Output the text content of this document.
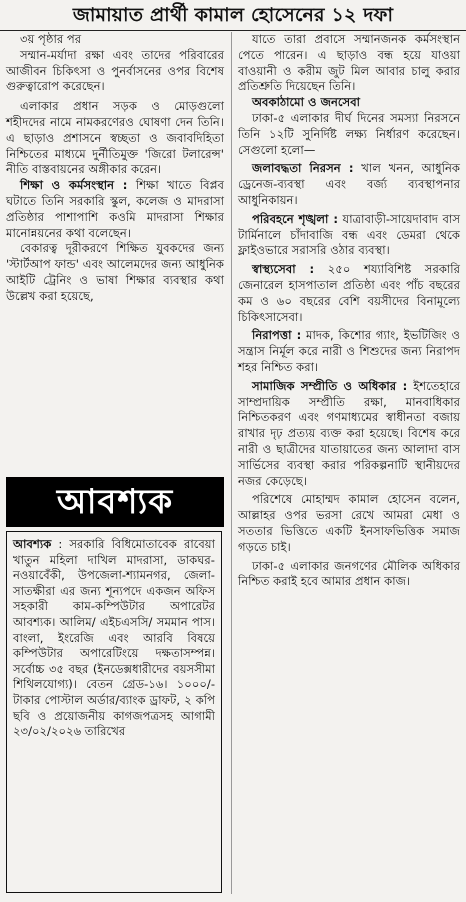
জামায়াত প্রার্থী কামাল হোসেনের ১২ দফা

৩য় পৃষ্ঠার পর

সম্মান-মর্যাদা রক্ষা এবং তাদের পরিবারের আজীবন চিকিৎসা ও পুনর্বাসনের ওপর বিশেষ গুরুত্বারোপ করেছেন।

এলাকার প্রধান সড়ক ও মোড়গুলো শহীদদের নামে নামকরণেরও ঘোষণা দেন তিনি। এ ছাড়াও প্রশাসনে স্বচ্ছতা ও জবাবদিহিতা নিশ্চিতের মাধ্যমে দুর্নীতিমুক্ত 'জিরো টলারেন্স' নীতি বাস্তবায়নের অঙ্গীকার করেন।

শিক্ষা ও কর্মসংস্থান : শিক্ষা খাতে বিপ্লব ঘটাতে তিনি সরকারি স্কুল, কলেজ ও মাদরাসা প্রতিষ্ঠার পাশাপাশি কওমি মাদরাসা শিক্ষার মানোন্নয়নের কথা বলেছেন।

বেকারত্ব দূরীকরণে শিক্ষিত যুবকদের জন্য 'স্টার্টআপ ফান্ড' এবং আলেমদের জন্য আধুনিক আইটি ট্রেনিং ও ভাষা শিক্ষার ব্যবস্থার কথা উল্লেখ করা হয়েছে,

আবশ্যক
আবশ্যক : সরকারি বিধিমোতাবেক রাবেয়া খাতুন মহিলা দাখিল মাদরাসা, ডাকঘর-নওয়াবেঁকী, উপজেলা-শ্যামনগর, জেলা-সাতক্ষীরা এর জন্য শূন্যপদে একজন অফিস সহকারী কাম-কম্পিউটার অপারেটর আবশ্যক। আলিম/ এইচএসসি/ সমমান পাস। বাংলা, ইংরেজি এবং আরবি বিষয়ে কম্পিউটার অপারেটিংয়ে দক্ষতাসম্পন্ন। সর্বোচ্চ ৩৫ বছর (ইনডেক্সধারীদের বয়সসীমা শিথিলযোগ্য)। বেতন গ্রেড-১৬। ১০০০/-টাকার পোস্টাল অর্ডার/ব্যাংক ড্রাফট, ২ কপি ছবি ও প্রয়োজনীয় কাগজপত্রসহ আগামী ২৩/০২/২০২৬ তারিখের

যাতে তারা প্রবাসে সম্মানজনক কর্মসংস্থান পেতে পারেন। এ ছাড়াও বন্ধ হয়ে যাওয়া বাওয়ানী ও করীম জুট মিল আবার চালু করার প্রতিশ্রুতি দিয়েছেন তিনি।

অবকাঠামো ও জনসেবা

ঢাকা-৫ এলাকার দীর্ঘ দিনের সমস্যা নিরসনে তিনি ১২টি সুনির্দিষ্ট লক্ষ্য নির্ধারণ করেছেন। সেগুলো হলো—

জলাবদ্ধতা নিরসন : খাল খনন, আধুনিক ড্রেনেজ-ব্যবস্থা এবং বর্জ্য ব্যবস্থাপনার আধুনিকায়ন।

পরিবহনে শৃঙ্খলা : যাত্রাবাড়ী-সায়েদাবাদ বাস টার্মিনালে চাঁদাবাজি বন্ধ এবং ডেমরা থেকে ফ্লাইওভারে সরাসরি ওঠার ব্যবস্থা।

স্বাস্থ্যসেবা : ২৫০ শয্যাবিশিষ্ট সরকারি জেনারেল হাসপাতাল প্রতিষ্ঠা এবং পাঁচ বছরের কম ও ৬০ বছরের বেশি বয়সীদের বিনামূল্যে চিকিৎসাসেবা।

নিরাপত্তা : মাদক, কিশোর গ্যাং, ইভটিজিং ও সন্ত্রাস নির্মূল করে নারী ও শিশুদের জন্য নিরাপদ শহর নিশ্চিত করা।

সামাজিক সম্প্রীতি ও অধিকার : ইশতেহারে সাম্প্রদায়িক সম্প্রীতি রক্ষা, মানবাধিকার নিশ্চিতকরণ এবং গণমাধ্যমের স্বাধীনতা বজায় রাখার দৃঢ় প্রত্যয় ব্যক্ত করা হয়েছে। বিশেষ করে নারী ও ছাত্রীদের যাতায়াতের জন্য আলাদা বাস সার্ভিসের ব্যবস্থা করার পরিকল্পনাটি স্থানীয়দের নজর কেড়েছে।

পরিশেষে মোহাম্মদ কামাল হোসেন বলেন, আল্লাহর ওপর ভরসা রেখে আমরা মেধা ও সততার ভিত্তিতে একটি ইনসাফভিত্তিক সমাজ গড়তে চাই।

ঢাকা-৫ এলাকার জনগণের মৌলিক অধিকার নিশ্চিত করাই হবে আমার প্রধান কাজ।
